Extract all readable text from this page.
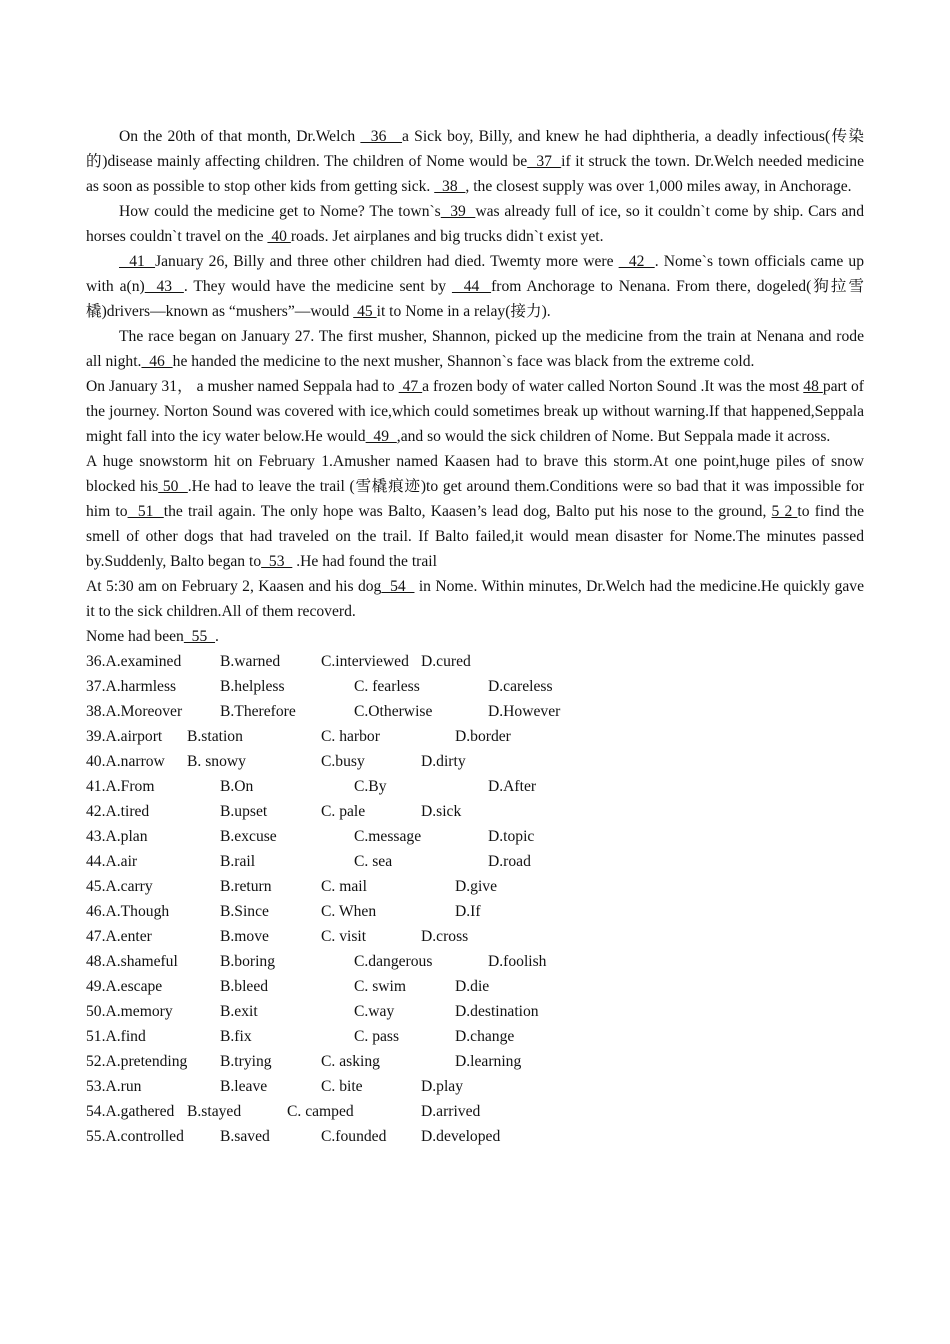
On the 20th of that month, Dr.Welch   36   a Sick boy, Billy, and knew he had diphtheria, a deadly infectious(传染的)disease mainly affecting children. The children of Nome would be  37  if it struck the town. Dr.Welch needed medicine as soon as possible to stop other kids from getting sick.   38  , the closest supply was over 1,000 miles away, in Anchorage.

How could the medicine get to Nome? The town`s  39  was already full of ice, so it couldn`t come by ship. Cars and horses couldn`t travel on the  40 roads. Jet airplanes and big trucks didn`t exist yet.

41  January 26, Billy and three other children had died. Twemty more were   42  . Nome`s town officials came up with a(n)  43  . They would have the medicine sent by   44  from Anchorage to Nenana. From there, dogeled(狗拉雪橇)drivers—known as “mushers”—would  45 it to Nome in a relay(接力).

The race began on January 27. The first musher, Shannon, picked up the medicine from the train at Nenana and rode all night.  46  he handed the medicine to the next musher, Shannon`s face was black from the extreme cold.

On January 31， a musher named Seppala had to  47 a frozen body of water called Norton Sound .It was the most 48 part of the journey. Norton Sound was covered with ice,which could sometimes break up without warning.If that happened,Seppala might fall into the icy water below.He would  49  ,and so would the sick children of Nome. But Seppala made it across.

A huge snowstorm hit on February 1.Amusher named Kaasen had to brave this storm.At one point,huge piles of snow blocked his 50  .He had to leave the trail (雪橇痕迹)to get around them.Conditions were so bad that it was impossible for him to  51  the trail again. The only hope was Balto, Kaasen’s lead dog, Balto put his nose to the ground, 5 2 to find the smell of other dogs that had traveled on the trail. If Balto failed,it would mean disaster for Nome.The minutes passed by.Suddenly, Balto began to  53   .He had found the trail

At 5:30 am on February 2, Kaasen and his dog  54   in Nome. Within minutes, Dr.Welch had the medicine.He quickly gave it to the sick children.All of them recoverd.

Nome had been  55  .

36.A.examined	B.warned	C.interviewed D.cured
37.A.harmless	B.helpless	C. fearless	D.careless
38.A.Moreover	B.Therefore	C.Otherwise	D.However
39.A.airport	B.station	C. harbor	D.border
40.A.narrow	B. snowy	C.busy	D.dirty
41.A.From	B.On	C.By	D.After
42.A.tired	B.upset	C. pale	D.sick
43.A.plan	B.excuse	C.message	D.topic
44.A.air	B.rail	C. sea	D.road
45.A.carry	B.return	C. mail	D.give
46.A.Though	B.Since	C. When	D.If
47.A.enter	B.move	C. visit	D.cross
48.A.shameful	B.boring	C.dangerous	D.foolish
49.A.escape	B.bleed	C. swim	D.die
50.A.memory	B.exit	C.way	D.destination
51.A.find	B.fix	C. pass	D.change
52.A.pretending	B.trying	C. asking	D.learning
53.A.run	B.leave	C. bite	D.play
54.A.gathered B.stayed	C. camped	D.arrived
55.A.controlled	B.saved	C.founded	D.developed
